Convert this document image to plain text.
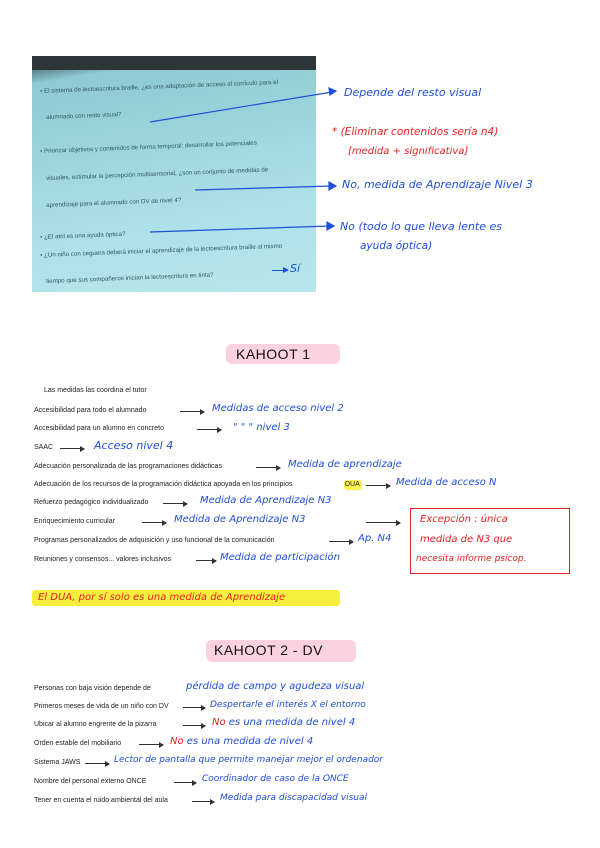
• El sistema de lectoescritura braille, ¿es una adaptación de acceso al currículo para el
alumnado con resto visual?
• Priorizar objetivos y contenidos de forma temporal: desarrollar los potenciales
visuales, estimular la percepción multisensorial, ¿son un conjunto de medidas de
aprendizaje para el alumnado con DV de nivel 4?
• ¿El atril es una ayuda óptica?
• ¿Un niño con ceguera deberá iniciar el aprendizaje de la lectoescritura braille al mismo
tiempo que sus compañeros inician la lectoescritura en tinta?
Sí
Depende del resto visual
* (Eliminar contenidos sería n4)
[medida + significativa]
No, medida de Aprendizaje Nivel 3
No (todo lo que lleva lente es
ayuda óptica)
KAHOOT 1
Las medidas las coordina el tutor
Accesibilidad para todo el alumnado	Medidas de acceso nivel 2
Accesibilidad para un alumno en concreto	" " " nivel 3
SAAC	Acceso nivel 4
Adecuación personalizada de las programaciones didácticas	Medida de aprendizaje
Adecuación de los recursos de la programación didáctica apoyada en los principios	DUA	Medida de acceso N
Refuerzo pedagógico individualizado	Medida de Aprendizaje N3
Enriquecimiento curricular	Medida de Aprendizaje N3
Programas personalizados de adquisición y uso funcional de la comunicación	Ap. N4
Reuniones y consensos... valores inclusivos	Medida de participación
Excepción : única
medida de N3 que
necesita informe psicop.
El DUA, por sí solo es una medida de Aprendizaje
KAHOOT 2 - DV
Personas con baja visión depende de	pérdida de campo y agudeza visual
Primeros meses de vida de un niño con DV	Despertarle el interés X el entorno
Ubicar al alumno engrente de la pizarra	No es una medida de nivel 4
Orden estable del mobiliario	No es una medida de nivel 4
Sistema JAWS	Lector de pantalla que permite manejar mejor el ordenador
Nombre del personal externo ONCE	Coordinador de caso de la ONCE
Tener en cuenta el ruido ambiental del aula	Medida para discapacidad visual
